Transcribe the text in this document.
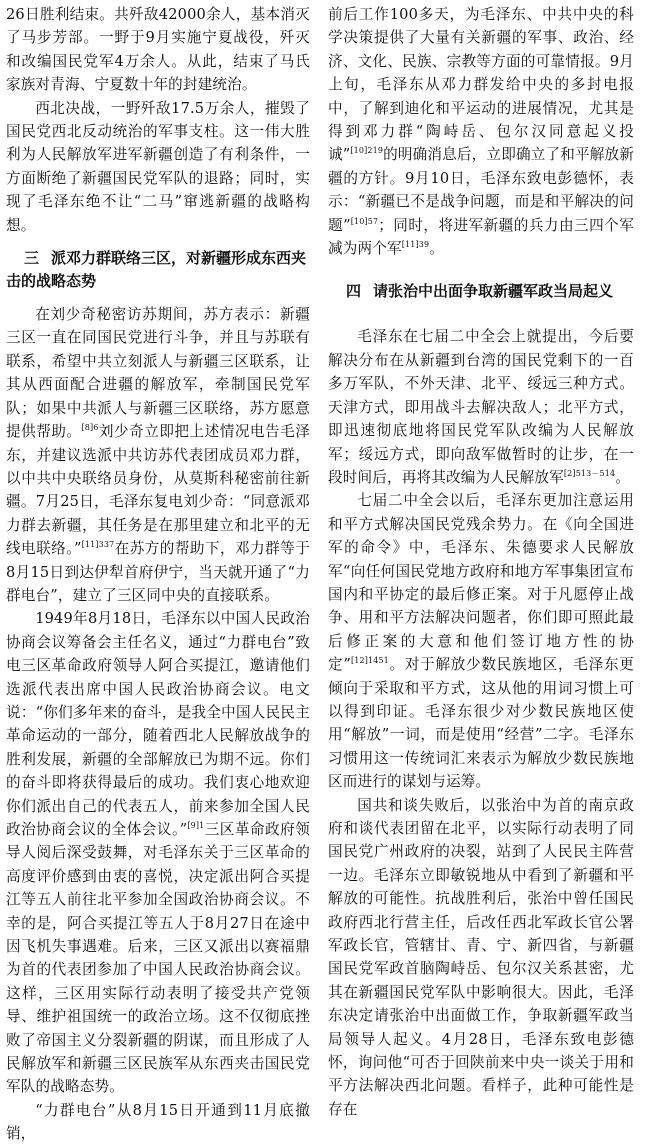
26日胜利结束。共歼敌42000余人，基本消灭了马步芳部。一野于9月实施宁夏战役，歼灭和改编国民党军4万余人。从此，结束了马氏家族对青海、宁夏数十年的封建统治。

西北决战，一野歼敌17.5万余人，摧毁了国民党西北反动统治的军事支柱。这一伟大胜利为人民解放军进军新疆创造了有利条件，一方面断绝了新疆国民党军队的退路；同时，实现了毛泽东绝不让“二马”窜逃新疆的战略构想。

三 派邓力群联络三区，对新疆形成东西夹击的战略态势

在刘少奇秘密访苏期间，苏方表示：新疆三区一直在同国民党进行斗争，并且与苏联有联系，希望中共立刻派人与新疆三区联系，让其从西面配合进疆的解放军，牵制国民党军队；如果中共派人与新疆三区联络，苏方愿意提供帮助。$^{[8]6}$刘少奇立即把上述情况电告毛泽东，并建议选派中共访苏代表团成员邓力群，以中共中央联络员身份，从莫斯科秘密前往新疆。7月25日，毛泽东复电刘少奇：“同意派邓力群去新疆，其任务是在那里建立和北平的无线电联络。”$^{[11]337}$在苏方的帮助下，邓力群等于8月15日到达伊犁首府伊宁，当天就开通了“力群电台”，建立了三区同中央的直接联系。

1949年8月18日，毛泽东以中国人民政治协商会议筹备会主任名义，通过“力群电台”致电三区革命政府领导人阿合买提江，邀请他们选派代表出席中国人民政治协商会议。电文说：“你们多年来的奋斗，是我全中国人民民主革命运动的一部分，随着西北人民解放战争的胜利发展，新疆的全部解放已为期不远。你们的奋斗即将获得最后的成功。我们衷心地欢迎你们派出自己的代表五人，前来参加全国人民政治协商会议的全体会议。”$^{[9]1}$三区革命政府领导人阅后深受鼓舞，对毛泽东关于三区革命的高度评价感到由衷的喜悦，决定派出阿合买提江等五人前往北平参加全国政治协商会议。不幸的是，阿合买提江等五人于8月27日在途中因飞机失事遇难。后来，三区又派出以赛福鼎为首的代表团参加了中国人民政治协商会议。这样，三区用实际行动表明了接受共产党领导、维护祖国统一的政治立场。这不仅彻底挫败了帝国主义分裂新疆的阴谋，而且形成了人民解放军和新疆三区民族军从东西夹击国民党军队的战略态势。

“力群电台”从8月15日开通到11月底撤销，

前后工作100多天，为毛泽东、中共中央的科学决策提供了大量有关新疆的军事、政治、经济、文化、民族、宗教等方面的可靠情报。9月上旬，毛泽东从邓力群发给中央的多封电报中，了解到迪化和平运动的进展情况，尤其是得到邓力群“陶峙岳、包尔汉同意起义投诚”$^{[10]219}$的明确消息后，立即确立了和平解放新疆的方针。9月10日，毛泽东致电彭德怀，表示：“新疆已不是战争问题，而是和平解决的问题”$^{[10]57}$；同时，将进军新疆的兵力由三四个军减为两个军$^{[11]39}$。

四 请张治中出面争取新疆军政当局起义

毛泽东在七届二中全会上就提出，今后要解决分布在从新疆到台湾的国民党剩下的一百多万军队，不外天津、北平、绥远三种方式。天津方式，即用战斗去解决敌人；北平方式，即迅速彻底地将国民党军队改编为人民解放军；绥远方式，即向敌军做暂时的让步，在一段时间后，再将其改编为人民解放军$^{[2]513-514}$。

七届二中全会以后，毛泽东更加注意运用和平方式解决国民党残余势力。在《向全国进军的命令》中，毛泽东、朱德要求人民解放军“向任何国民党地方政府和地方军事集团宣布国内和平协定的最后修正案。对于凡愿停止战争、用和平方法解决问题者，你们即可照此最后修正案的大意和他们签订地方性的协定”$^{[12]1451}$。对于解放少数民族地区，毛泽东更倾向于采取和平方式，这从他的用词习惯上可以得到印证。毛泽东很少对少数民族地区使用“解放”一词，而是使用“经营”二字。毛泽东习惯用这一传统词汇来表示为解放少数民族地区而进行的谋划与运筹。

国共和谈失败后，以张治中为首的南京政府和谈代表团留在北平，以实际行动表明了同国民党广州政府的决裂，站到了人民民主阵营一边。毛泽东立即敏锐地从中看到了新疆和平解放的可能性。抗战胜利后，张治中曾任国民政府西北行营主任，后改任西北军政长官公署军政长官，管辖甘、青、宁、新四省，与新疆国民党军政首脑陶峙岳、包尔汉关系甚密，尤其在新疆国民党军队中影响很大。因此，毛泽东决定请张治中出面做工作，争取新疆军政当局领导人起义。4月28日，毛泽东致电彭德怀，询问他“可否于回陕前来中央一谈关于用和平方法解决西北问题。看样子，此种可能性是存在
